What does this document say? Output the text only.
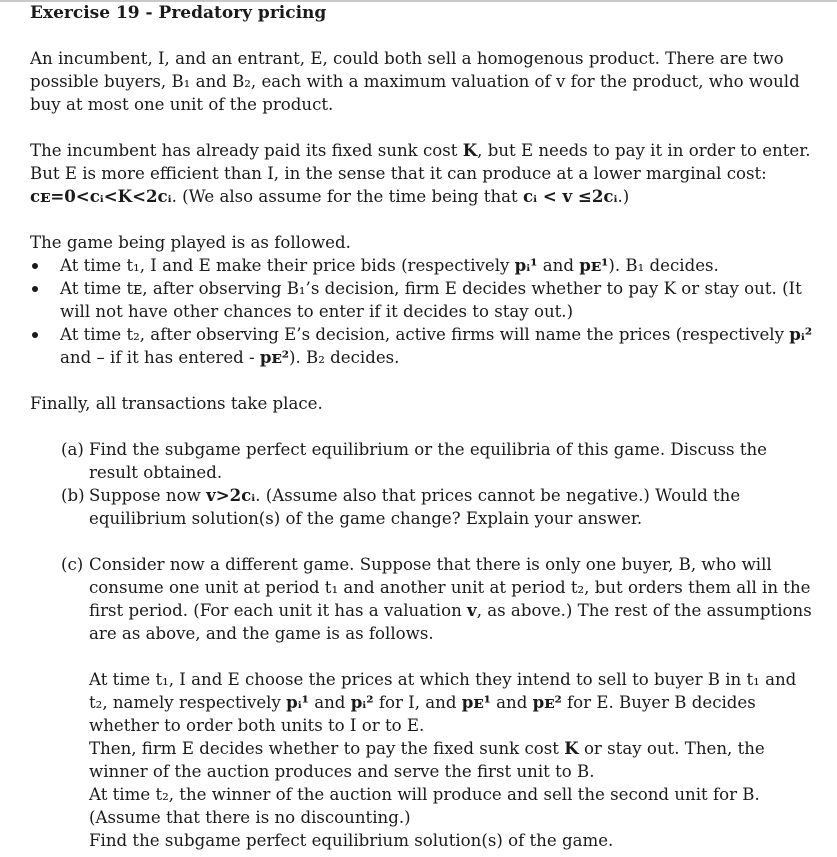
Exercise 19 - Predatory pricing

An incumbent, I, and an entrant, E, could both sell a homogenous product. There are two possible buyers, B₁ and B₂, each with a maximum valuation of v for the product, who would buy at most one unit of the product.

The incumbent has already paid its fixed sunk cost K, but E needs to pay it in order to enter. But E is more efficient than I, in the sense that it can produce at a lower marginal cost: cᴇ=0<cᵢ<K<2cᵢ. (We also assume for the time being that cᵢ < v ≤2cᵢ.)

The game being played is as followed.

At time t₁, I and E make their price bids (respectively pᵢ¹ and pᴇ¹). B₁ decides.
At time tᴇ, after observing B₁’s decision, firm E decides whether to pay K or stay out. (It will not have other chances to enter if it decides to stay out.)
At time t₂, after observing E’s decision, active firms will name the prices (respectively pᵢ² and – if it has entered - pᴇ²). B₂ decides.

Finally, all transactions take place.

(a) Find the subgame perfect equilibrium or the equilibria of this game. Discuss the result obtained.
(b) Suppose now v>2cᵢ. (Assume also that prices cannot be negative.) Would the equilibrium solution(s) of the game change? Explain your answer.
(c) Consider now a different game. Suppose that there is only one buyer, B, who will consume one unit at period t₁ and another unit at period t₂, but orders them all in the first period. (For each unit it has a valuation v, as above.) The rest of the assumptions are as above, and the game is as follows.

At time t₁, I and E choose the prices at which they intend to sell to buyer B in t₁ and t₂, namely respectively pᵢ¹ and pᵢ² for I, and pᴇ¹ and pᴇ² for E. Buyer B decides whether to order both units to I or to E.

Then, firm E decides whether to pay the fixed sunk cost K or stay out. Then, the winner of the auction produces and serve the first unit to B.

At time t₂, the winner of the auction will produce and sell the second unit for B. (Assume that there is no discounting.)

Find the subgame perfect equilibrium solution(s) of the game.
